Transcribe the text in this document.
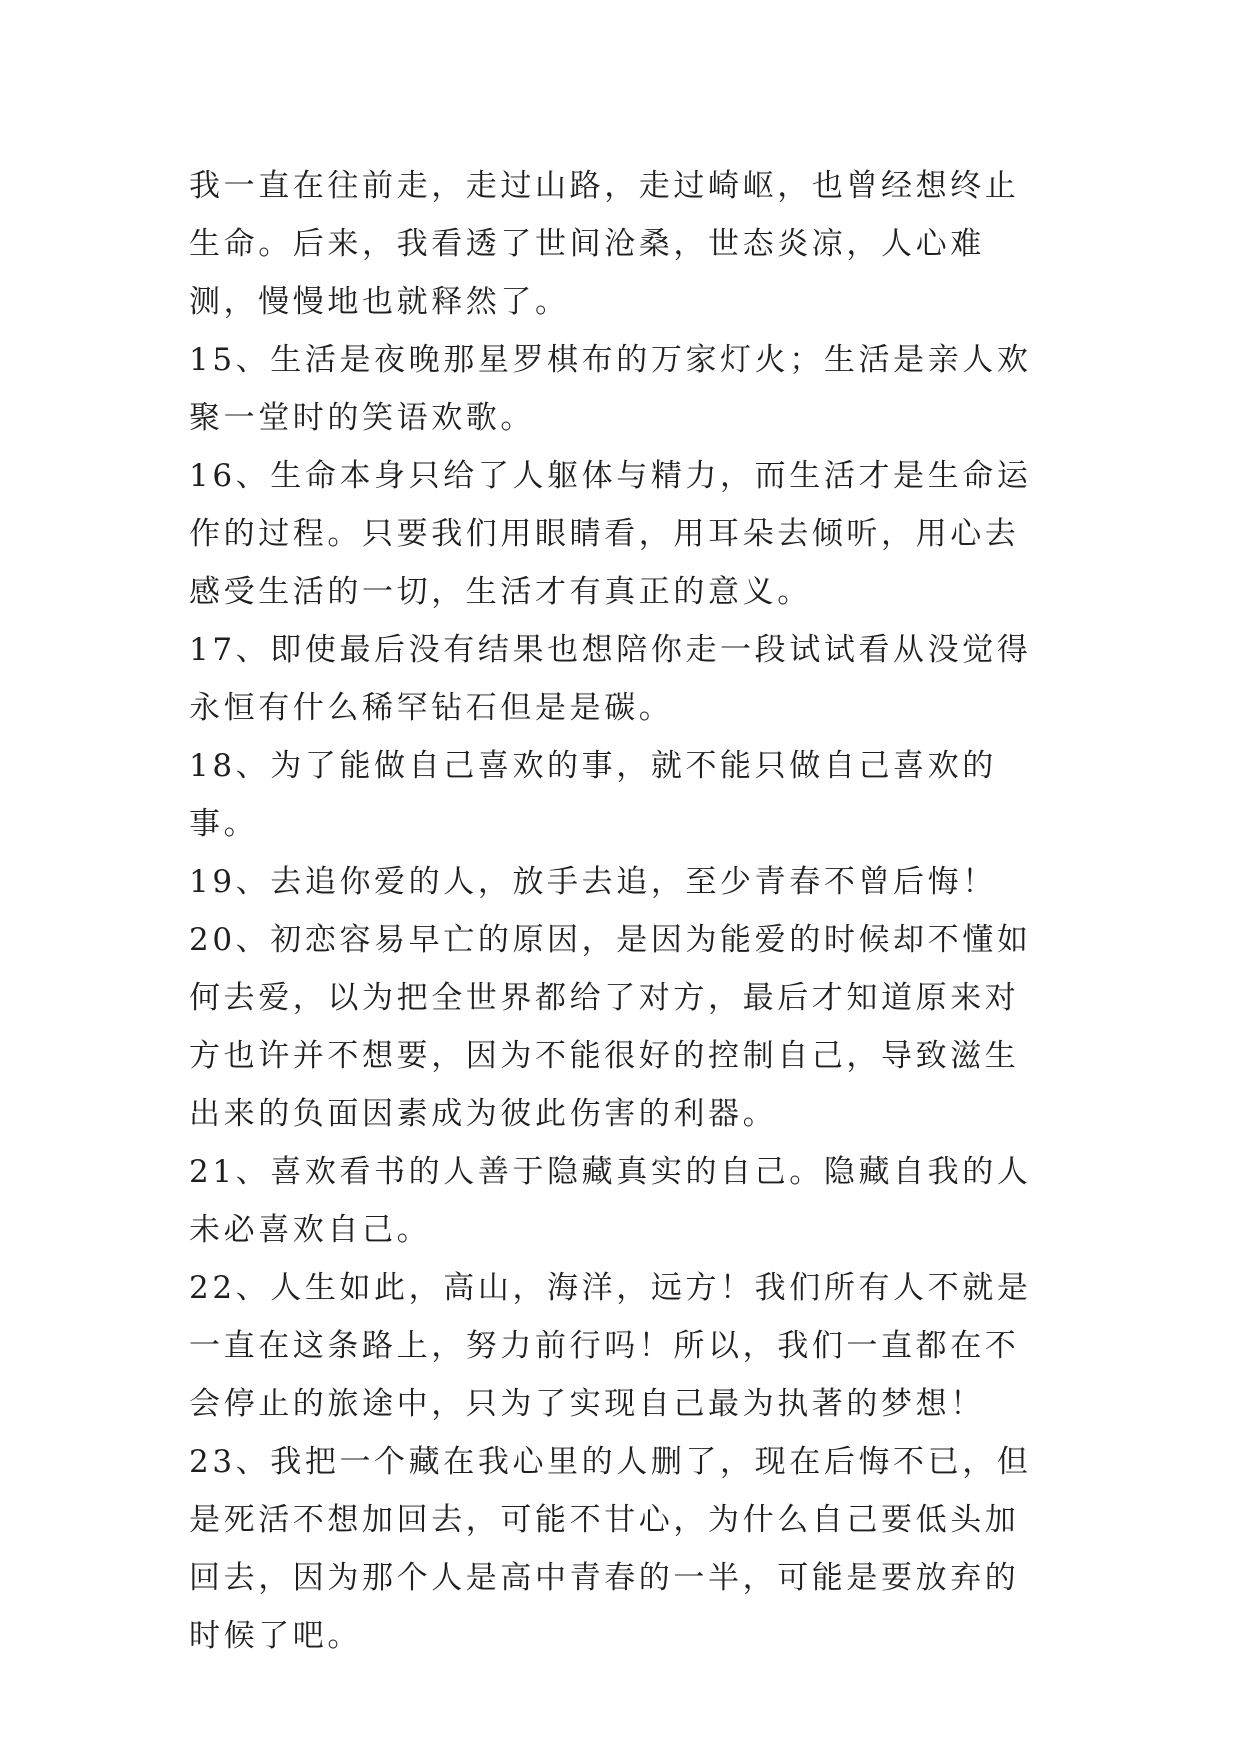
我一直在往前走，走过山路，走过崎岖，也曾经想终止生命。后来，我看透了世间沧桑，世态炎凉，人心难测，慢慢地也就释然了。

15、生活是夜晚那星罗棋布的万家灯火；生活是亲人欢聚一堂时的笑语欢歌。

16、生命本身只给了人躯体与精力，而生活才是生命运作的过程。只要我们用眼睛看，用耳朵去倾听，用心去感受生活的一切，生活才有真正的意义。

17、即使最后没有结果也想陪你走一段试试看从没觉得永恒有什么稀罕钻石但是是碳。

18、为了能做自己喜欢的事，就不能只做自己喜欢的事。

19、去追你爱的人，放手去追，至少青春不曾后悔！

20、初恋容易早亡的原因，是因为能爱的时候却不懂如何去爱，以为把全世界都给了对方，最后才知道原来对方也许并不想要，因为不能很好的控制自己，导致滋生出来的负面因素成为彼此伤害的利器。

21、喜欢看书的人善于隐藏真实的自己。隐藏自我的人未必喜欢自己。

22、人生如此，高山，海洋，远方！我们所有人不就是一直在这条路上，努力前行吗！所以，我们一直都在不会停止的旅途中，只为了实现自己最为执著的梦想！

23、我把一个藏在我心里的人删了，现在后悔不已，但是死活不想加回去，可能不甘心，为什么自己要低头加回去，因为那个人是高中青春的一半，可能是要放弃的时候了吧。
